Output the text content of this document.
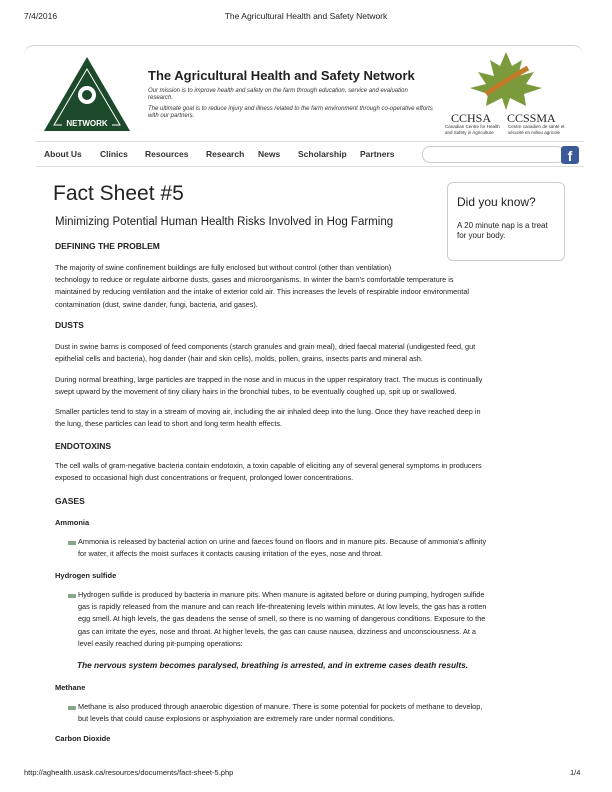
7/4/2016	The Agricultural Health and Safety Network
NETWORK
The Agricultural Health and Safety Network
Our mission is to improve health and safety on the farm through education, service and evaluation research.
The ultimate goal is to reduce injury and illness related to the farm environment through co-operative efforts with our partners.	CCHSA CCSSMA
Canadian Centre for Health and Safety in Agriculture
Centre canadien de santé et sécurité en milieu agricole
About Us Clinics Resources Research News Scholarship Partners	f
Fact Sheet #5
Minimizing Potential Human Health Risks Involved in Hog Farming
Did you know?
A 20 minute nap is a treat for your body.
DEFINING THE PROBLEM
The majority of swine confinement buildings are fully enclosed but without control (other than ventilation)
technology to reduce or regulate airborne dusts, gases and microorganisms. In winter the barn's comfortable temperature is
maintained by reducing ventilation and the intake of exterior cold air. This increases the levels of respirable indoor environmental
contamination (dust, swine dander, fungi, bacteria, and gases).
DUSTS
Dust in swine barns is composed of feed components (starch granules and grain meal), dried faecal material (undigested feed, gut
epithelial cells and bacteria), hog dander (hair and skin cells), molds, pollen, grains, insects parts and mineral ash.
During normal breathing, large particles are trapped in the nose and in mucus in the upper respiratory tract. The mucus is continually
swept upward by the movement of tiny ciliary hairs in the bronchial tubes, to be eventually coughed up, spit up or swallowed.
Smaller particles tend to stay in a stream of moving air, including the air inhaled deep into the lung. Once they have reached deep in
the lung, these particles can lead to short and long term health effects.
ENDOTOXINS
The cell walls of gram-negative bacteria contain endotoxin, a toxin capable of eliciting any of several general symptoms in producers
exposed to occasional high dust concentrations or frequent, prolonged lower concentrations.
GASES
Ammonia
Ammonia is released by bacterial action on urine and faeces found on floors and in manure pits. Because of ammonia's affinity
for water, it affects the moist surfaces it contacts causing irritation of the eyes, nose and throat.
Hydrogen sulfide
Hydrogen sulfide is produced by bacteria in manure pits. When manure is agitated before or during pumping, hydrogen sulfide
gas is rapidly released from the manure and can reach life-threatening levels within minutes. At low levels, the gas has a rotten
egg smell. At high levels, the gas deadens the sense of smell, so there is no warning of dangerous conditions. Exposure to the
gas can irritate the eyes, nose and throat. At higher levels, the gas can cause nausea, dizziness and unconsciousness. At a
level easily reached during pit-pumping operations:
The nervous system becomes paralysed, breathing is arrested, and in extreme cases death results.
Methane
Methane is also produced through anaerobic digestion of manure. There is some potential for pockets of methane to develop,
but levels that could cause explosions or asphyxiation are extremely rare under normal conditions.
Carbon Dioxide
http://aghealth.usask.ca/resources/documents/fact-sheet-5.php	1/4
